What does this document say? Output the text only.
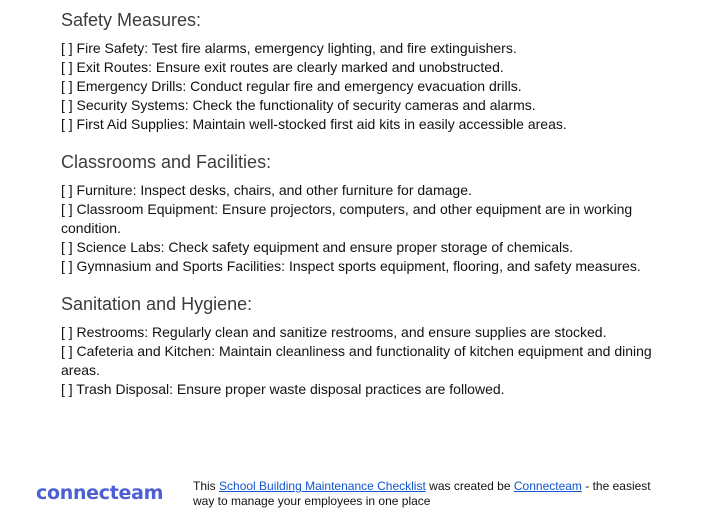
Safety Measures:
[ ] Fire Safety: Test fire alarms, emergency lighting, and fire extinguishers.
[ ] Exit Routes: Ensure exit routes are clearly marked and unobstructed.
[ ] Emergency Drills: Conduct regular fire and emergency evacuation drills.
[ ] Security Systems: Check the functionality of security cameras and alarms.
[ ] First Aid Supplies: Maintain well-stocked first aid kits in easily accessible areas.
Classrooms and Facilities:
[ ] Furniture: Inspect desks, chairs, and other furniture for damage.
[ ] Classroom Equipment: Ensure projectors, computers, and other equipment are in working condition.
[ ] Science Labs: Check safety equipment and ensure proper storage of chemicals.
[ ] Gymnasium and Sports Facilities: Inspect sports equipment, flooring, and safety measures.
Sanitation and Hygiene:
[ ] Restrooms: Regularly clean and sanitize restrooms, and ensure supplies are stocked.
[ ] Cafeteria and Kitchen: Maintain cleanliness and functionality of kitchen equipment and dining areas.
[ ] Trash Disposal: Ensure proper waste disposal practices are followed.
connecteam This School Building Maintenance Checklist was created be Connecteam - the easiest way to manage your employees in one place
